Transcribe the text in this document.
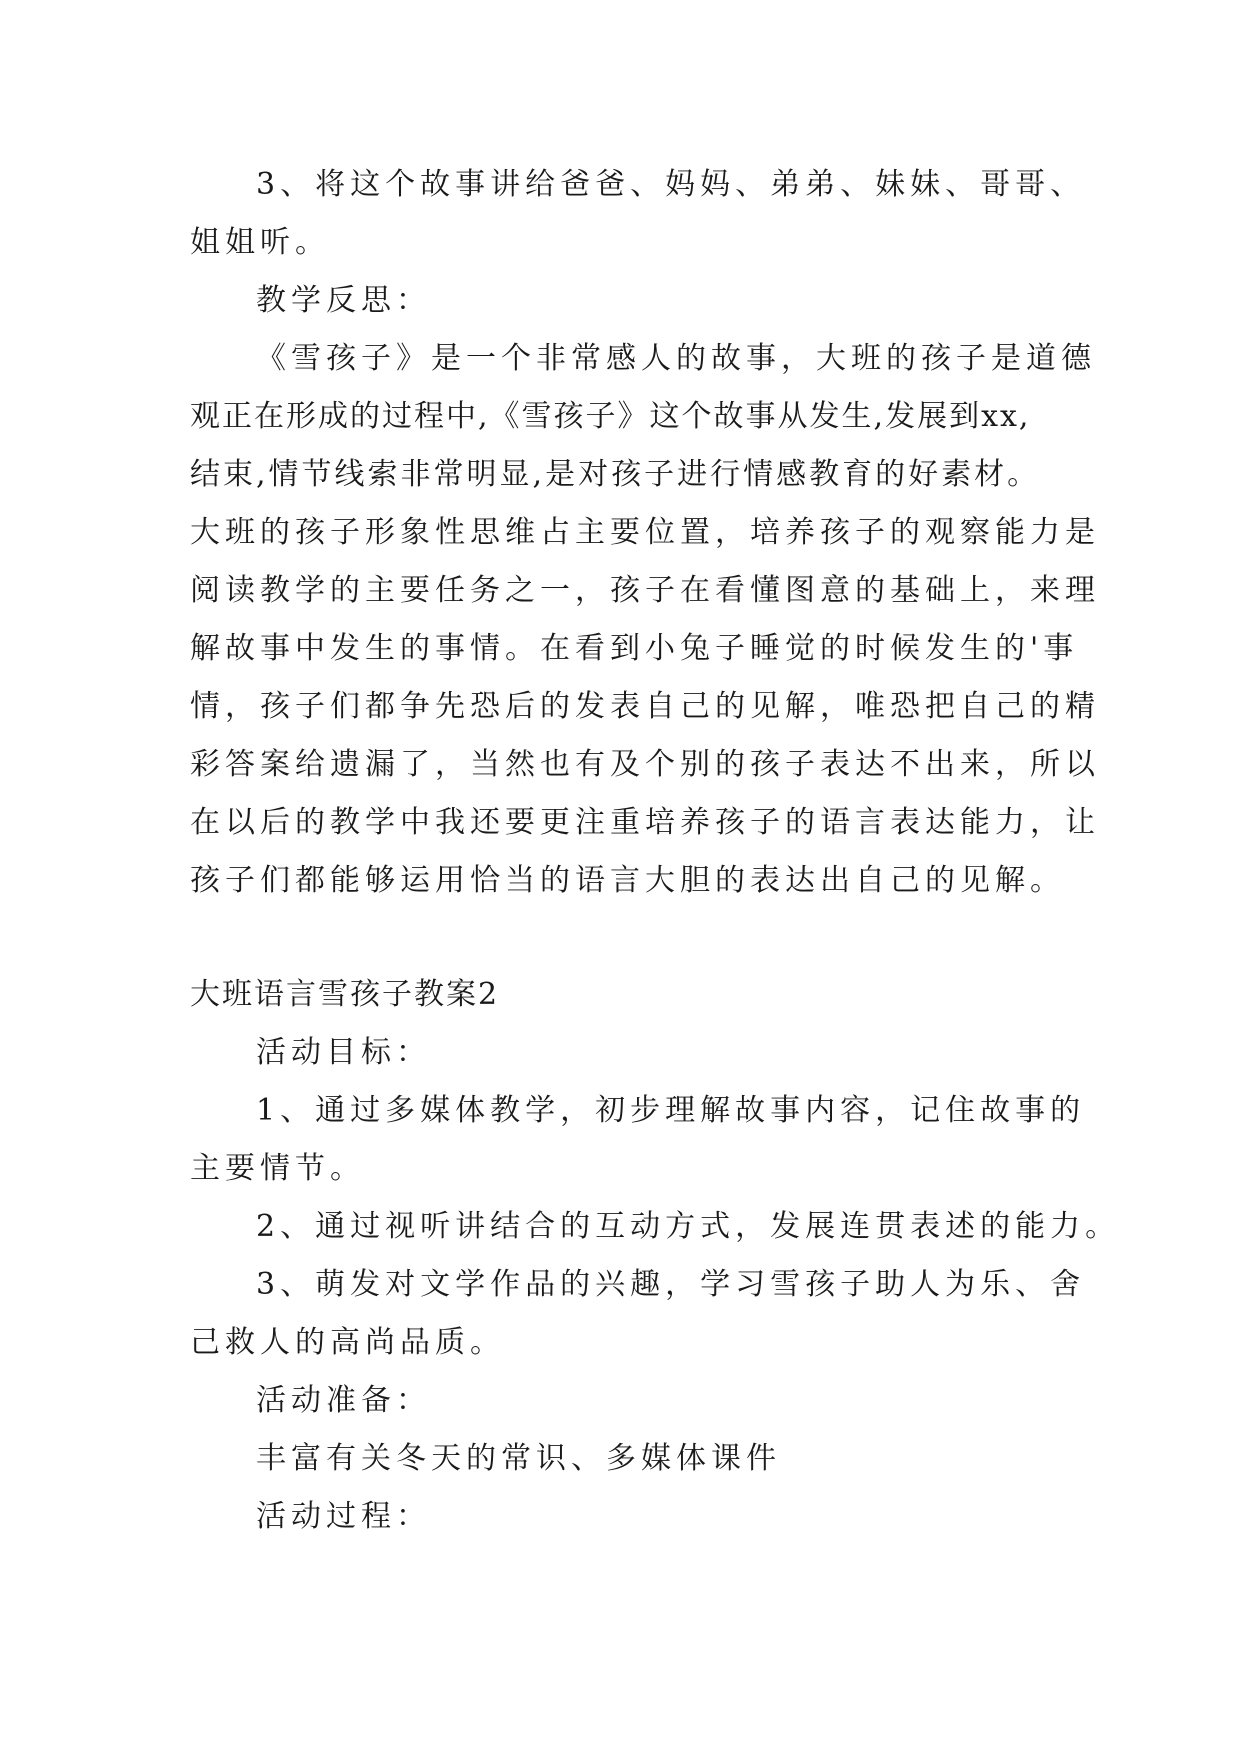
3、将这个故事讲给爸爸、妈妈、弟弟、妹妹、哥哥、
姐姐听。
教学反思：
《雪孩子》是一个非常感人的故事，大班的孩子是道德
观正在形成的过程中,《雪孩子》这个故事从发生,发展到xx,
结束,情节线索非常明显,是对孩子进行情感教育的好素材。
大班的孩子形象性思维占主要位置，培养孩子的观察能力是
阅读教学的主要任务之一，孩子在看懂图意的基础上，来理
解故事中发生的事情。在看到小兔子睡觉的时候发生的'事
情，孩子们都争先恐后的发表自己的见解，唯恐把自己的精
彩答案给遗漏了，当然也有及个别的孩子表达不出来，所以
在以后的教学中我还要更注重培养孩子的语言表达能力，让
孩子们都能够运用恰当的语言大胆的表达出自己的见解。
大班语言雪孩子教案2
活动目标：
1、通过多媒体教学，初步理解故事内容，记住故事的
主要情节。
2、通过视听讲结合的互动方式，发展连贯表述的能力。
3、萌发对文学作品的兴趣，学习雪孩子助人为乐、舍
己救人的高尚品质。
活动准备：
丰富有关冬天的常识、多媒体课件
活动过程：
